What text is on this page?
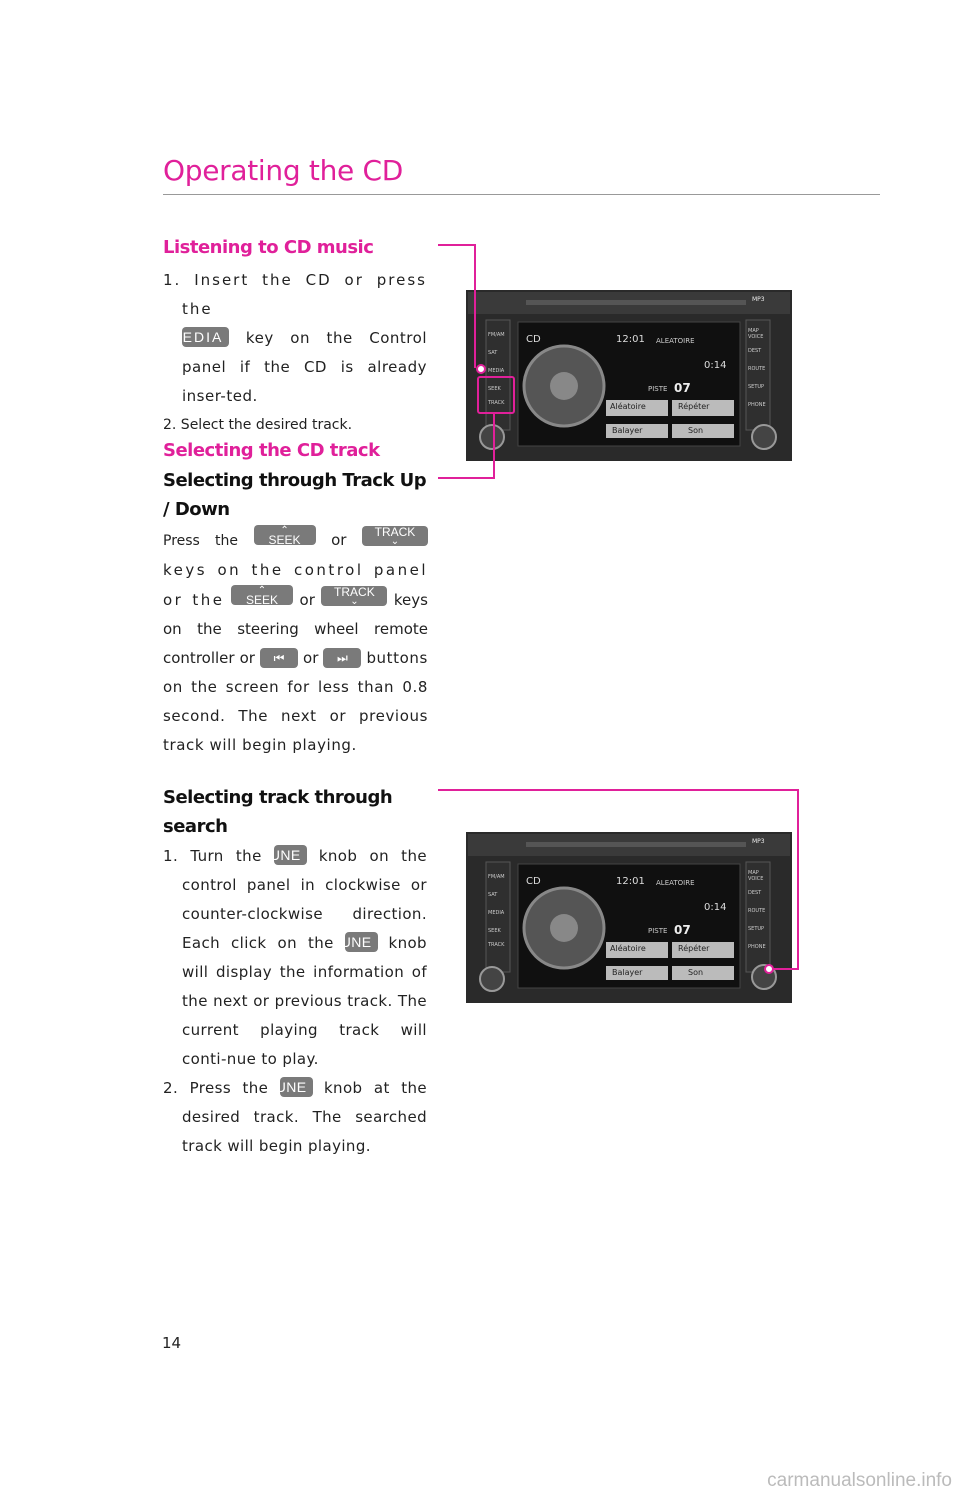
Operating the CD
Listening to CD music

1. Insert the CD or press the
MEDIA key on the Control panel if the CD is already inser-ted.

2. Select the desired track.

Selecting the CD track
Selecting through Track Up / Down
Press the
⌃
SEEK or TRACK
⌄
keys on the control panel or the
⌃
SEEK or TRACK
⌄	keys on the steering wheel remote controller or ⏮ or ⏭ buttons on the screen for less than 0.8 second. The next or previous track will begin playing.
Selecting track through search

1. Turn the TUNE knob on the control panel in clockwise or counter-clockwise direction. Each click on the TUNE knob will display the information of the next or previous track. The current playing track will conti-nue to play.

2. Press the TUNE knob at the desired track. The searched track will begin playing.

CD	12:01 ALEATOIRE
0:14
PISTE 07
Aléatoire	Répéter
Balayer	Son
FM/AM
SAT
MEDIA
SEEK
TRACK
MAP VOICE
DEST
ROUTE
SETUP
PHONE
MP3
CD	12:01 ALEATOIRE
0:14
PISTE 07
Aléatoire	Répéter
Balayer	Son
FM/AM
SAT
MEDIA
SEEK
TRACK
MAP VOICE
DEST
ROUTE
SETUP
PHONE
MP3
14
carmanualsonline.info
